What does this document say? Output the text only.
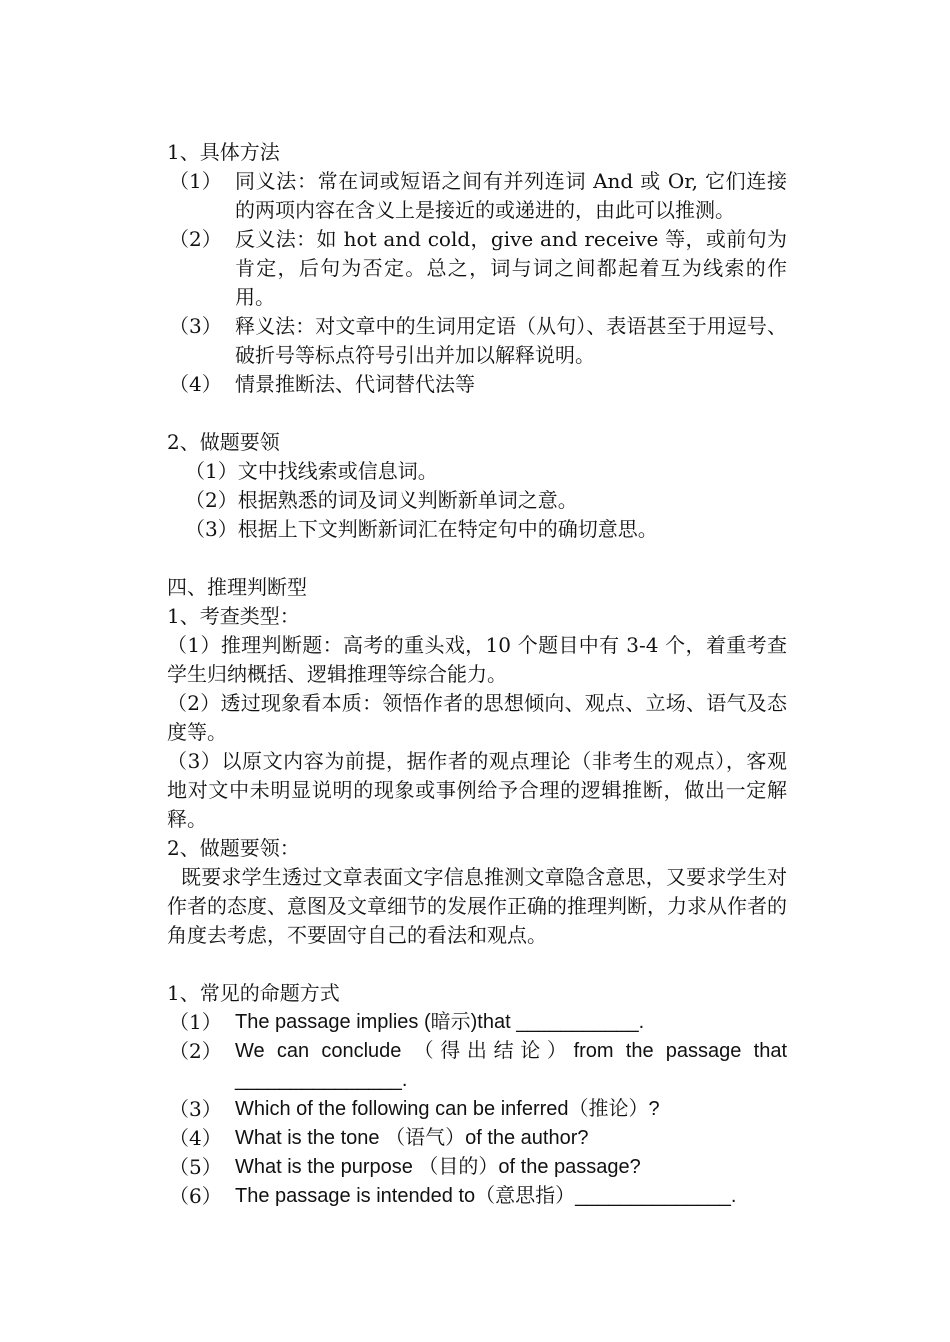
1、具体方法
（1） 同义法：常在词或短语之间有并列连词 And 或 Or, 它们连接的两项内容在含义上是接近的或递进的，由此可以推测。
（2） 反义法：如 hot and cold，give and receive 等，或前句为肯定，后句为否定。总之，词与词之间都起着互为线索的作用。
（3） 释义法：对文章中的生词用定语（从句）、表语甚至于用逗号、破折号等标点符号引出并加以解释说明。
（4） 情景推断法、代词替代法等
2、做题要领
（1）文中找线索或信息词。
（2）根据熟悉的词及词义判断新单词之意。
（3）根据上下文判断新词汇在特定句中的确切意思。
四、推理判断型
1、考查类型：
（1）推理判断题：高考的重头戏，10 个题目中有 3-4 个，着重考查学生归纳概括、逻辑推理等综合能力。
（2）透过现象看本质：领悟作者的思想倾向、观点、立场、语气及态度等。
（3）以原文内容为前提，据作者的观点理论（非考生的观点），客观地对文中未明显说明的现象或事例给予合理的逻辑推断，做出一定解释。
2、做题要领：
既要求学生透过文章表面文字信息推测文章隐含意思，又要求学生对作者的态度、意图及文章细节的发展作正确的推理判断，力求从作者的角度去考虑，不要固守自己的看法和观点。
1、常见的命题方式
（1） The passage implies (暗示)that ___________.
（2） We can conclude （得出结论）from the passage that _______________.
（3） Which of the following can be inferred（推论）?
（4） What is the tone （语气）of the author?
（5） What is the purpose （目的）of the passage?
（6） The passage is intended to（意思指）______________.
